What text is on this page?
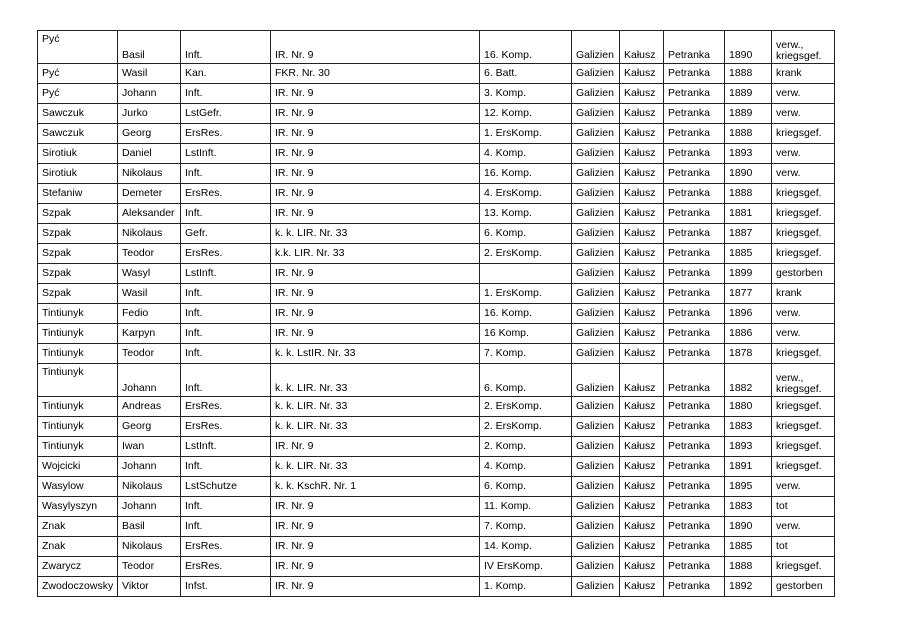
Pyć	Basil	Inft.	IR. Nr. 9	16. Komp.	Galizien	Kałusz	Petranka	1890	verw., kriegsgef.
Pyć	Wasil	Kan.	FKR. Nr. 30	6. Batt.	Galizien	Kałusz	Petranka	1888	krank
Pyć	Johann	Inft.	IR. Nr. 9	3. Komp.	Galizien	Kałusz	Petranka	1889	verw.
Sawczuk	Jurko	LstGefr.	IR. Nr. 9	12. Komp.	Galizien	Kałusz	Petranka	1889	verw.
Sawczuk	Georg	ErsRes.	IR. Nr. 9	1. ErsKomp.	Galizien	Kałusz	Petranka	1888	kriegsgef.
Sirotiuk	Daniel	LstInft.	IR. Nr. 9	4. Komp.	Galizien	Kałusz	Petranka	1893	verw.
Sirotiuk	Nikolaus	Inft.	IR. Nr. 9	16. Komp.	Galizien	Kałusz	Petranka	1890	verw.
Stefaniw	Demeter	ErsRes.	IR. Nr. 9	4. ErsKomp.	Galizien	Kałusz	Petranka	1888	kriegsgef.
Szpak	Aleksander	Inft.	IR. Nr. 9	13. Komp.	Galizien	Kałusz	Petranka	1881	kriegsgef.
Szpak	Nikolaus	Gefr.	k. k. LIR. Nr. 33	6. Komp.	Galizien	Kałusz	Petranka	1887	kriegsgef.
Szpak	Teodor	ErsRes.	k.k. LIR. Nr. 33	2. ErsKomp.	Galizien	Kałusz	Petranka	1885	kriegsgef.
Szpak	Wasyl	LstInft.	IR. Nr. 9		Galizien	Kałusz	Petranka	1899	gestorben
Szpak	Wasil	Inft.	IR. Nr. 9	1. ErsKomp.	Galizien	Kałusz	Petranka	1877	krank
Tintiunyk	Fedio	Inft.	IR. Nr. 9	16. Komp.	Galizien	Kałusz	Petranka	1896	verw.
Tintiunyk	Karpyn	Inft.	IR. Nr. 9	16 Komp.	Galizien	Kałusz	Petranka	1886	verw.
Tintiunyk	Teodor	Inft.	k. k. LstIR. Nr. 33	7. Komp.	Galizien	Kałusz	Petranka	1878	kriegsgef.
Tintiunyk	Johann	Inft.	k. k. LIR. Nr. 33	6. Komp.	Galizien	Kałusz	Petranka	1882	verw., kriegsgef.
Tintiunyk	Andreas	ErsRes.	k. k. LIR. Nr. 33	2. ErsKomp.	Galizien	Kałusz	Petranka	1880	kriegsgef.
Tintiunyk	Georg	ErsRes.	k. k. LIR. Nr. 33	2. ErsKomp.	Galizien	Kałusz	Petranka	1883	kriegsgef.
Tintiunyk	Iwan	LstInft.	IR. Nr. 9	2. Komp.	Galizien	Kałusz	Petranka	1893	kriegsgef.
Wojcicki	Johann	Inft.	k. k. LIR. Nr. 33	4. Komp.	Galizien	Kałusz	Petranka	1891	kriegsgef.
Wasylow	Nikolaus	LstSchutze	k. k. KschR. Nr. 1	6. Komp.	Galizien	Kałusz	Petranka	1895	verw.
Wasylyszyn	Johann	Inft.	IR. Nr. 9	11. Komp.	Galizien	Kałusz	Petranka	1883	tot
Znak	Basil	Inft.	IR. Nr. 9	7. Komp.	Galizien	Kałusz	Petranka	1890	verw.
Znak	Nikolaus	ErsRes.	IR. Nr. 9	14. Komp.	Galizien	Kałusz	Petranka	1885	tot
Zwarycz	Teodor	ErsRes.	IR. Nr. 9	IV ErsKomp.	Galizien	Kałusz	Petranka	1888	kriegsgef.
Zwodoczowsky	Viktor	Infst.	IR. Nr. 9	1. Komp.	Galizien	Kałusz	Petranka	1892	gestorben
